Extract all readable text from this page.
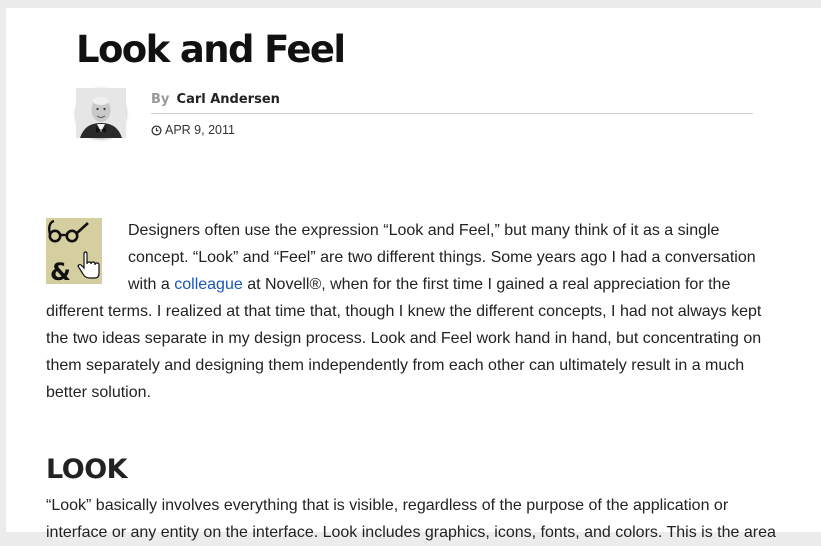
Look and Feel
By Carl Andersen
APR 9, 2011
&
Designers often use the expression “Look and Feel,” but many think of it as a single concept. “Look” and “Feel” are two different things. Some years ago I had a conversation with a colleague at Novell®, when for the first time I gained a real appreciation for the different terms. I realized at that time that, though I knew the different concepts, I had not always kept the two ideas separate in my design process. Look and Feel work hand in hand, but concentrating on them separately and designing them independently from each other can ultimately result in a much better solution.
LOOK

“Look” basically involves everything that is visible, regardless of the purpose of the application or interface or any entity on the interface. Look includes graphics, icons, fonts, and colors. This is the area
